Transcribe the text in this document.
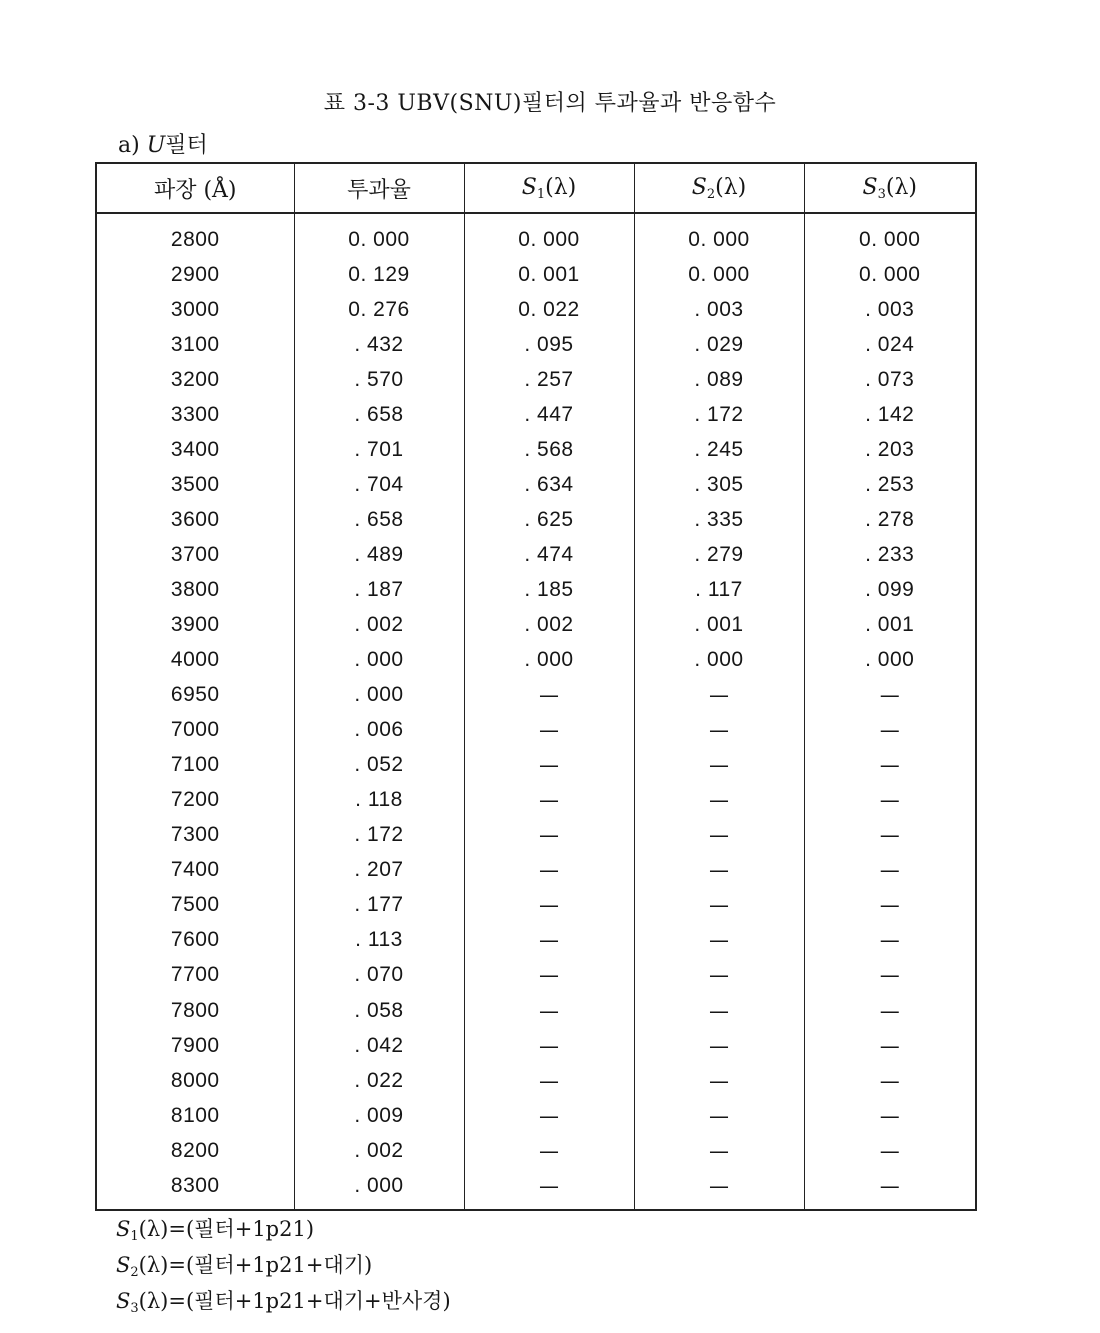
표 3-3 UBV(SNU)필터의 투과율과 반응함수
a) U필터
파장 (Å)	투과율	$S_1(\lambda)$	$S_2(\lambda)$	$S_3(\lambda)$
2800	0. 000	0. 000	0. 000	0. 000
2900	0. 129	0. 001	0. 000	0. 000
3000	0. 276	0. 022	. 003	. 003
3100	. 432	. 095	. 029	. 024
3200	. 570	. 257	. 089	. 073
3300	. 658	. 447	. 172	. 142
3400	. 701	. 568	. 245	. 203
3500	. 704	. 634	. 305	. 253
3600	. 658	. 625	. 335	. 278
3700	. 489	. 474	. 279	. 233
3800	. 187	. 185	. 117	. 099
3900	. 002	. 002	. 001	. 001
4000	. 000	. 000	. 000	. 000
6950	. 000	—	—	—
7000	. 006	—	—	—
7100	. 052	—	—	—
7200	. 118	—	—	—
7300	. 172	—	—	—
7400	. 207	—	—	—
7500	. 177	—	—	—
7600	. 113	—	—	—
7700	. 070	—	—	—
7800	. 058	—	—	—
7900	. 042	—	—	—
8000	. 022	—	—	—
8100	. 009	—	—	—
8200	. 002	—	—	—
8300	. 000	—	—	—
$S_1(\lambda)=$(필터+1p21)
$S_2(\lambda)=$(필터+1p21+대기)
$S_3(\lambda)=$(필터+1p21+대기+반사경)
